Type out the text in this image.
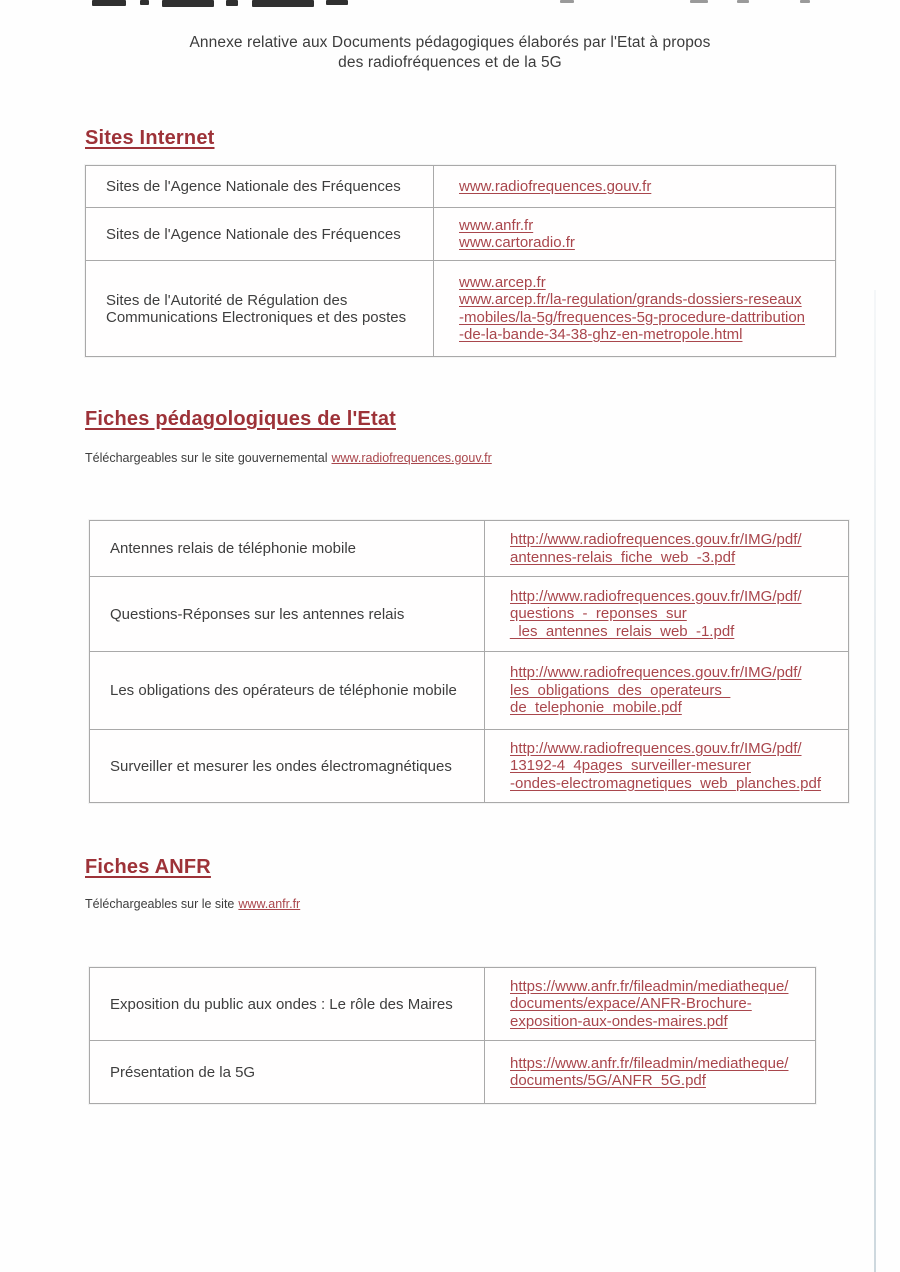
Annexe relative aux Documents pédagogiques élaborés par l'Etat à propos
des radiofréquences et de la 5G
Sites Internet
Sites de l'Agence Nationale des Fréquences	www.radiofrequences.gouv.fr
Sites de l'Agence Nationale des Fréquences
www.anfr.fr
www.cartoradio.fr
Sites de l'Autorité de Régulation des Communications Electroniques et des postes
www.arcep.fr
www.arcep.fr/la-regulation/grands-dossiers-reseaux
-mobiles/la-5g/frequences-5g-procedure-dattribution
-de-la-bande-34-38-ghz-en-metropole.html
Fiches pédagologiques de l'Etat
Téléchargeables sur le site gouvernemental www.radiofrequences.gouv.fr
Antennes relais de téléphonie mobile
http://www.radiofrequences.gouv.fr/IMG/pdf/
antennes-relais_fiche_web_-3.pdf
Questions-Réponses sur les antennes relais
http://www.radiofrequences.gouv.fr/IMG/pdf/
questions_-_reponses_sur
_les_antennes_relais_web_-1.pdf
Les obligations des opérateurs de téléphonie mobile
http://www.radiofrequences.gouv.fr/IMG/pdf/
les_obligations_des_operateurs_
de_telephonie_mobile.pdf
Surveiller et mesurer les ondes électromagnétiques
http://www.radiofrequences.gouv.fr/IMG/pdf/
13192-4_4pages_surveiller-mesurer
-ondes-electromagnetiques_web_planches.pdf
Fiches ANFR
Téléchargeables sur le site www.anfr.fr
Exposition du public aux ondes : Le rôle des Maires
https://www.anfr.fr/fileadmin/mediatheque/
documents/expace/ANFR-Brochure-
exposition-aux-ondes-maires.pdf
Présentation de la 5G
https://www.anfr.fr/fileadmin/mediatheque/
documents/5G/ANFR_5G.pdf
